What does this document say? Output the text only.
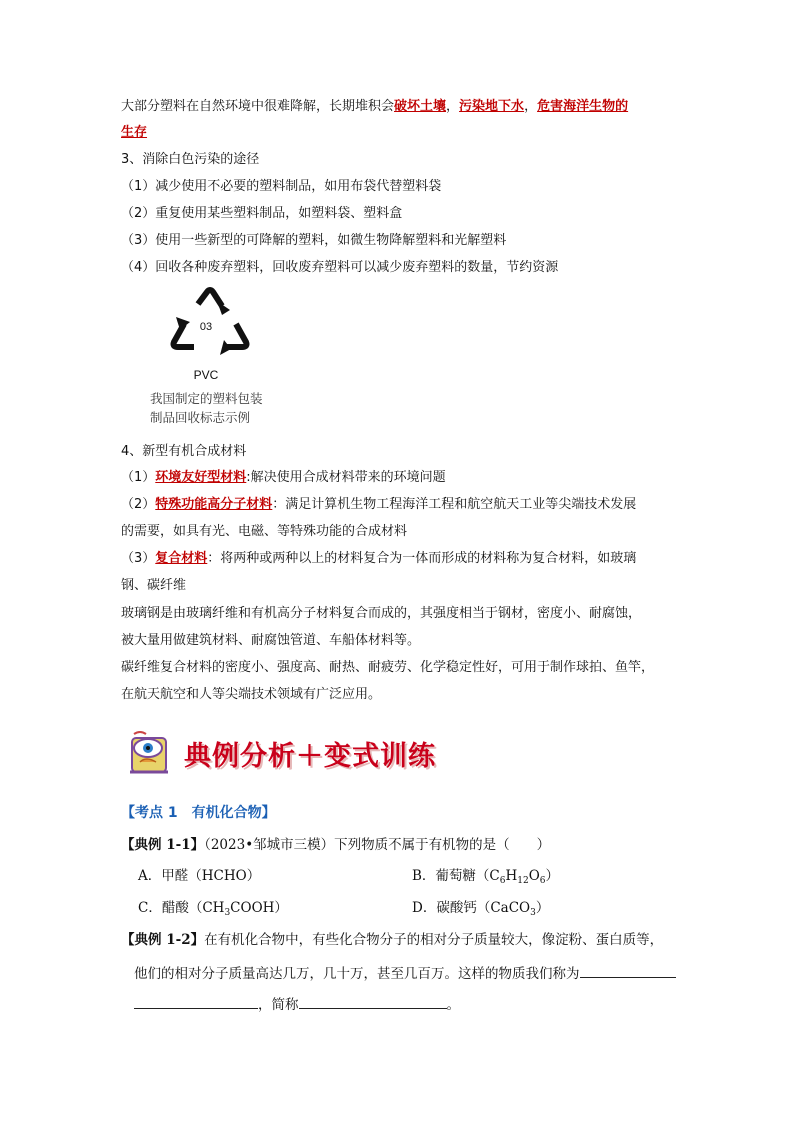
大部分塑料在自然环境中很难降解，长期堆积会破坏土壤，污染地下水，危害海洋生物的
生存
3、消除白色污染的途径
（1）减少使用不必要的塑料制品，如用布袋代替塑料袋
（2）重复使用某些塑料制品，如塑料袋、塑料盒
（3）使用一些新型的可降解的塑料，如微生物降解塑料和光解塑料
（4）回收各种废弃塑料，回收废弃塑料可以减少废弃塑料的数量，节约资源
03
PVC
我国制定的塑料包装
制品回收标志示例
4、新型有机合成材料
（1）环境友好型材料:解决使用合成材料带来的环境问题
（2）特殊功能高分子材料：满足计算机生物工程海洋工程和航空航天工业等尖端技术发展
的需要，如具有光、电磁、等特殊功能的合成材料
（3）复合材料：将两种或两种以上的材料复合为一体而形成的材料称为复合材料，如玻璃
钢、碳纤维
玻璃钢是由玻璃纤维和有机高分子材料复合而成的，其强度相当于钢材，密度小、耐腐蚀，
被大量用做建筑材料、耐腐蚀管道、车船体材料等。
碳纤维复合材料的密度小、强度高、耐热、耐疲劳、化学稳定性好，可用于制作球拍、鱼竿，
在航天航空和人等尖端技术领域有广泛应用。
典例分析＋变式训练
【考点 1　有机化合物】
【典例 1-1】（2023•邹城市三模）下列物质不属于有机物的是（　　）
A．甲醛（HCHO）	B．葡萄糖$(C_6H_{12}O_6)$
C．醋酸$(CH_3COOH)$	D．碳酸钙（CaCO$_3$）
【典例 1-2】在有机化合物中，有些化合物分子的相对分子质量较大，像淀粉、蛋白质等，
他们的相对分子质量高达几万，几十万，甚至几百万。这样的物质我们称为
，简称	。
